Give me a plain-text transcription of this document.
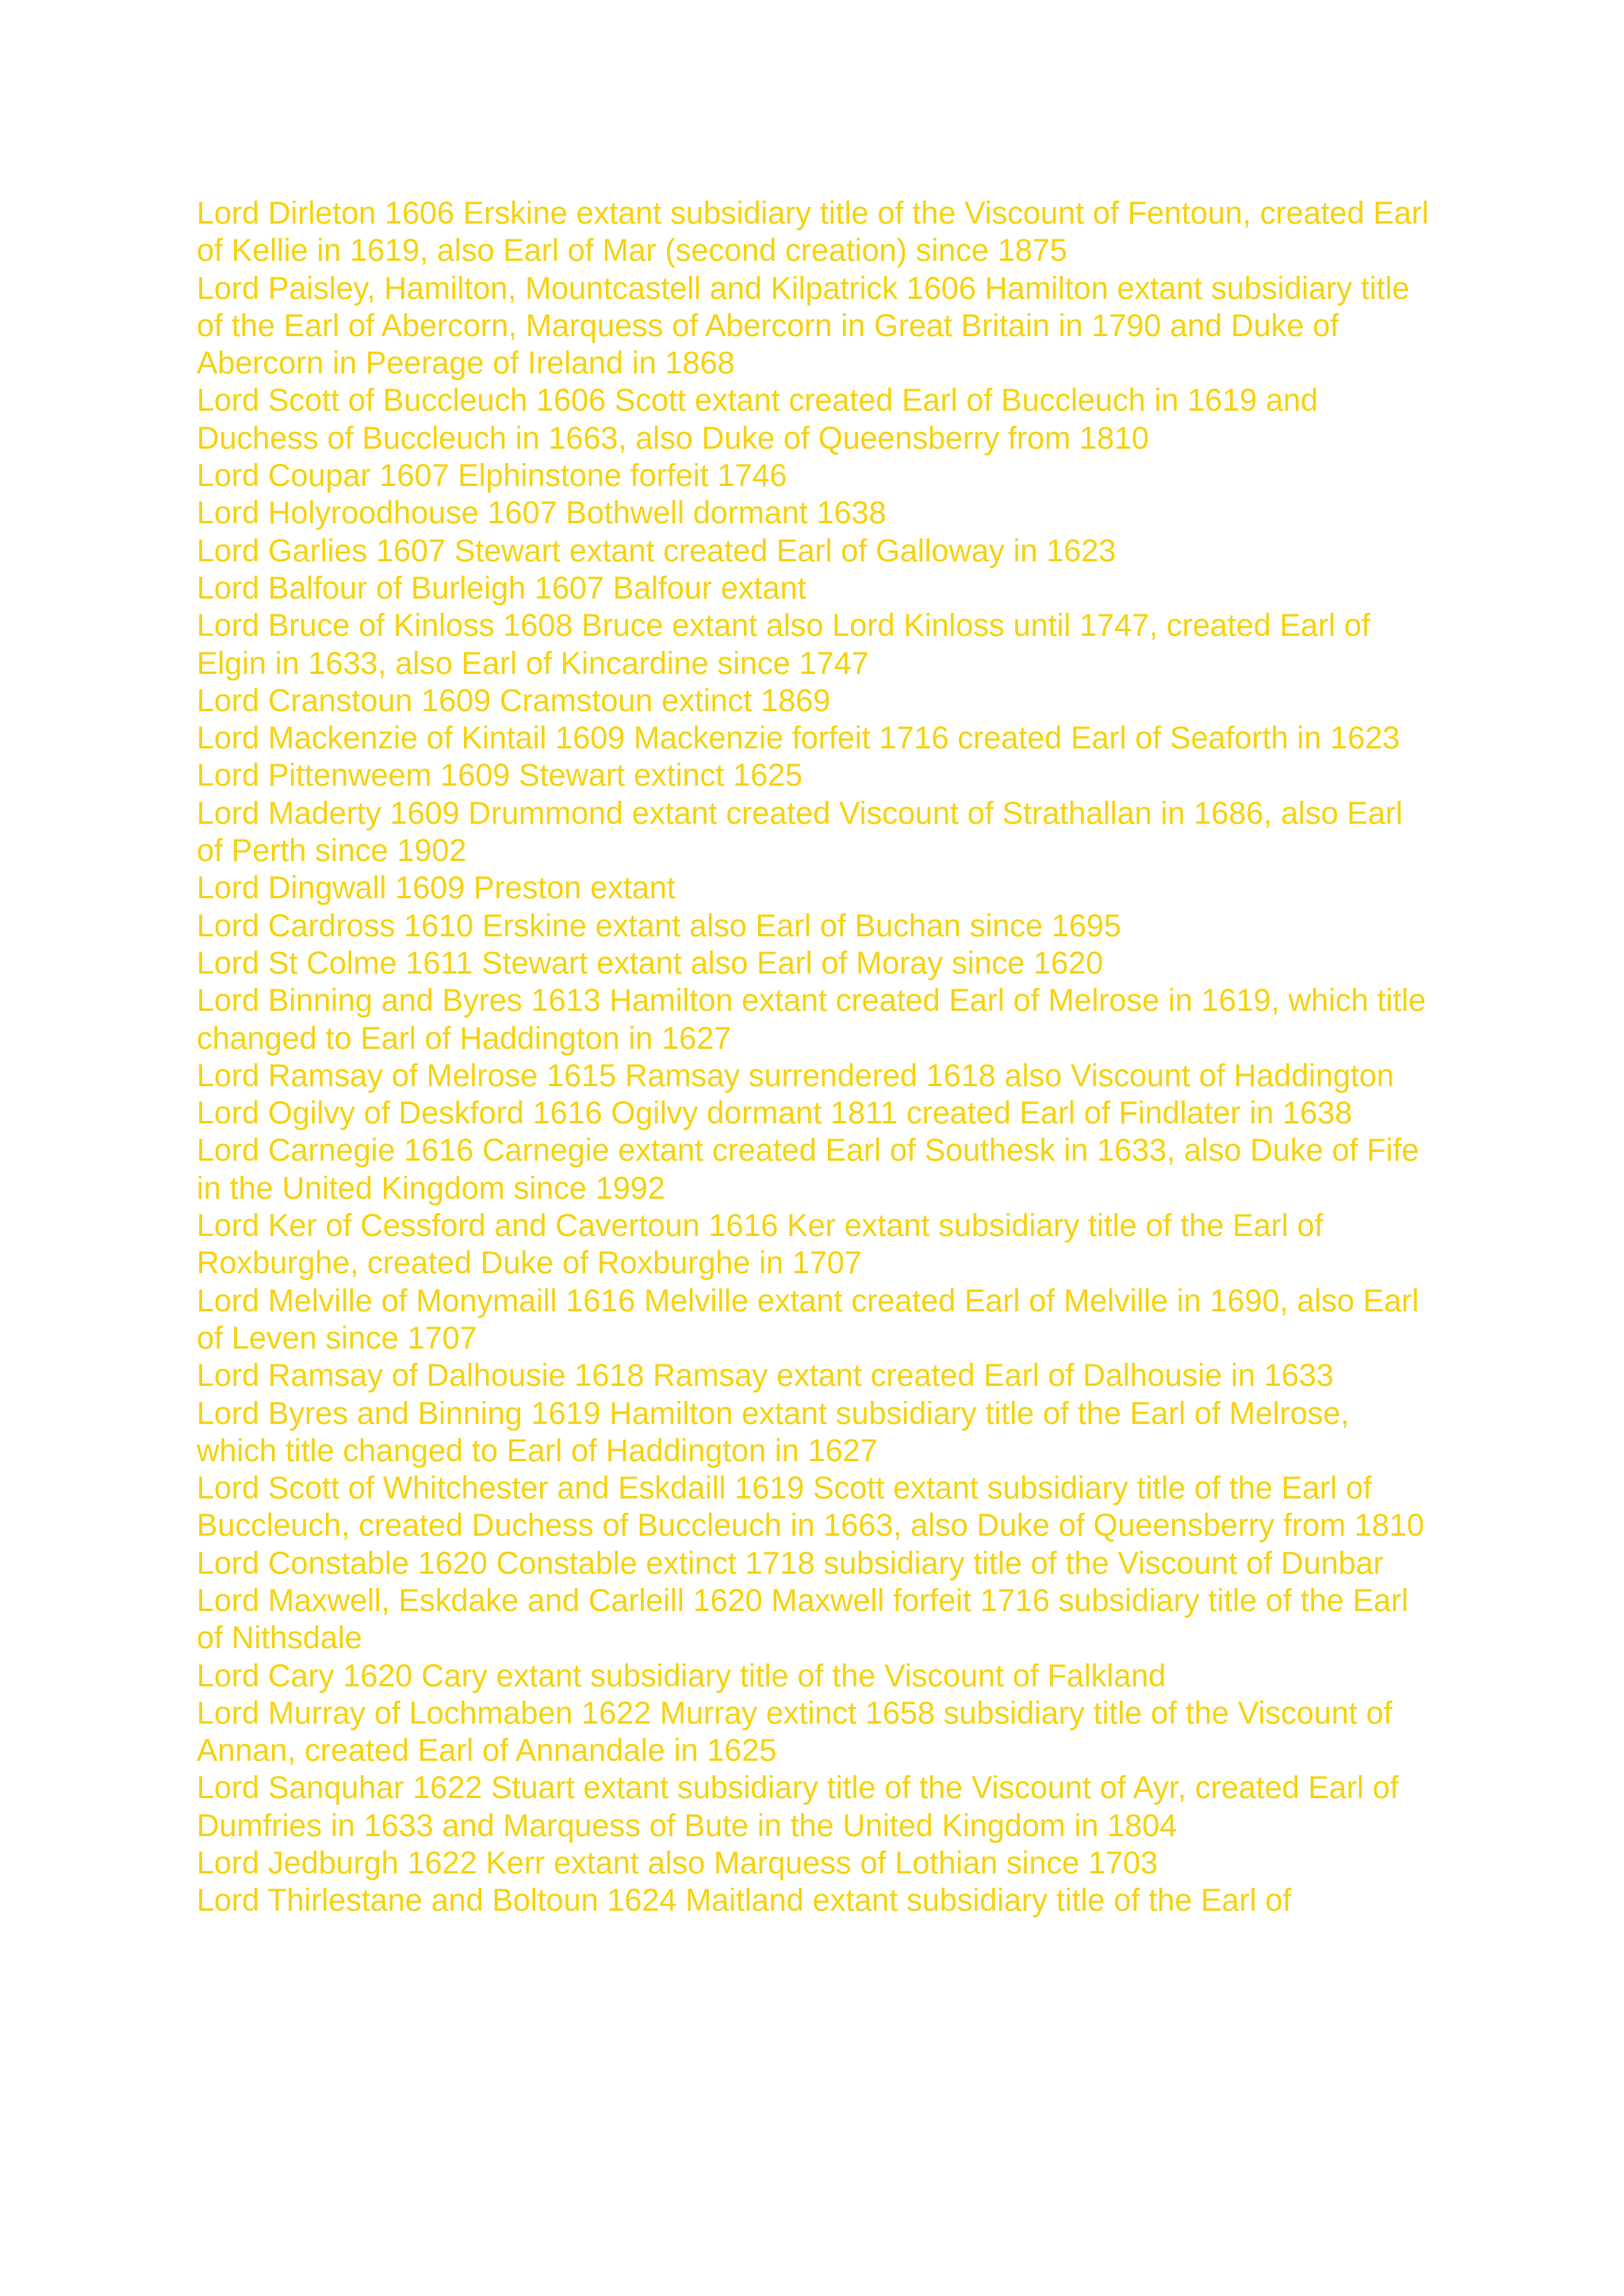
Lord Dirleton 1606 Erskine extant subsidiary title of the Viscount of Fentoun, created Earl of Kellie in 1619, also Earl of Mar (second creation) since 1875

Lord Paisley, Hamilton, Mountcastell and Kilpatrick 1606 Hamilton extant subsidiary title of the Earl of Abercorn, Marquess of Abercorn in Great Britain in 1790 and Duke of Abercorn in Peerage of Ireland in 1868

Lord Scott of Buccleuch 1606 Scott extant created Earl of Buccleuch in 1619 and Duchess of Buccleuch in 1663, also Duke of Queensberry from 1810

Lord Coupar 1607 Elphinstone forfeit 1746

Lord Holyroodhouse 1607 Bothwell dormant 1638

Lord Garlies 1607 Stewart extant created Earl of Galloway in 1623

Lord Balfour of Burleigh 1607 Balfour extant

Lord Bruce of Kinloss 1608 Bruce extant also Lord Kinloss until 1747, created Earl of Elgin in 1633, also Earl of Kincardine since 1747

Lord Cranstoun 1609 Cramstoun extinct 1869

Lord Mackenzie of Kintail 1609 Mackenzie forfeit 1716 created Earl of Seaforth in 1623

Lord Pittenweem 1609 Stewart extinct 1625

Lord Maderty 1609 Drummond extant created Viscount of Strathallan in 1686, also Earl of Perth since 1902

Lord Dingwall 1609 Preston extant

Lord Cardross 1610 Erskine extant also Earl of Buchan since 1695

Lord St Colme 1611 Stewart extant also Earl of Moray since 1620

Lord Binning and Byres 1613 Hamilton extant created Earl of Melrose in 1619, which title changed to Earl of Haddington in 1627

Lord Ramsay of Melrose 1615 Ramsay surrendered 1618 also Viscount of Haddington

Lord Ogilvy of Deskford 1616 Ogilvy dormant 1811 created Earl of Findlater in 1638

Lord Carnegie 1616 Carnegie extant created Earl of Southesk in 1633, also Duke of Fife in the United Kingdom since 1992

Lord Ker of Cessford and Cavertoun 1616 Ker extant subsidiary title of the Earl of Roxburghe, created Duke of Roxburghe in 1707

Lord Melville of Monymaill 1616 Melville extant created Earl of Melville in 1690, also Earl of Leven since 1707

Lord Ramsay of Dalhousie 1618 Ramsay extant created Earl of Dalhousie in 1633

Lord Byres and Binning 1619 Hamilton extant subsidiary title of the Earl of Melrose, which title changed to Earl of Haddington in 1627

Lord Scott of Whitchester and Eskdaill 1619 Scott extant subsidiary title of the Earl of Buccleuch, created Duchess of Buccleuch in 1663, also Duke of Queensberry from 1810

Lord Constable 1620 Constable extinct 1718 subsidiary title of the Viscount of Dunbar

Lord Maxwell, Eskdake and Carleill 1620 Maxwell forfeit 1716 subsidiary title of the Earl of Nithsdale

Lord Cary 1620 Cary extant subsidiary title of the Viscount of Falkland

Lord Murray of Lochmaben 1622 Murray extinct 1658 subsidiary title of the Viscount of Annan, created Earl of Annandale in 1625

Lord Sanquhar 1622 Stuart extant subsidiary title of the Viscount of Ayr, created Earl of Dumfries in 1633 and Marquess of Bute in the United Kingdom in 1804

Lord Jedburgh 1622 Kerr extant also Marquess of Lothian since 1703

Lord Thirlestane and Boltoun 1624 Maitland extant subsidiary title of the Earl of
